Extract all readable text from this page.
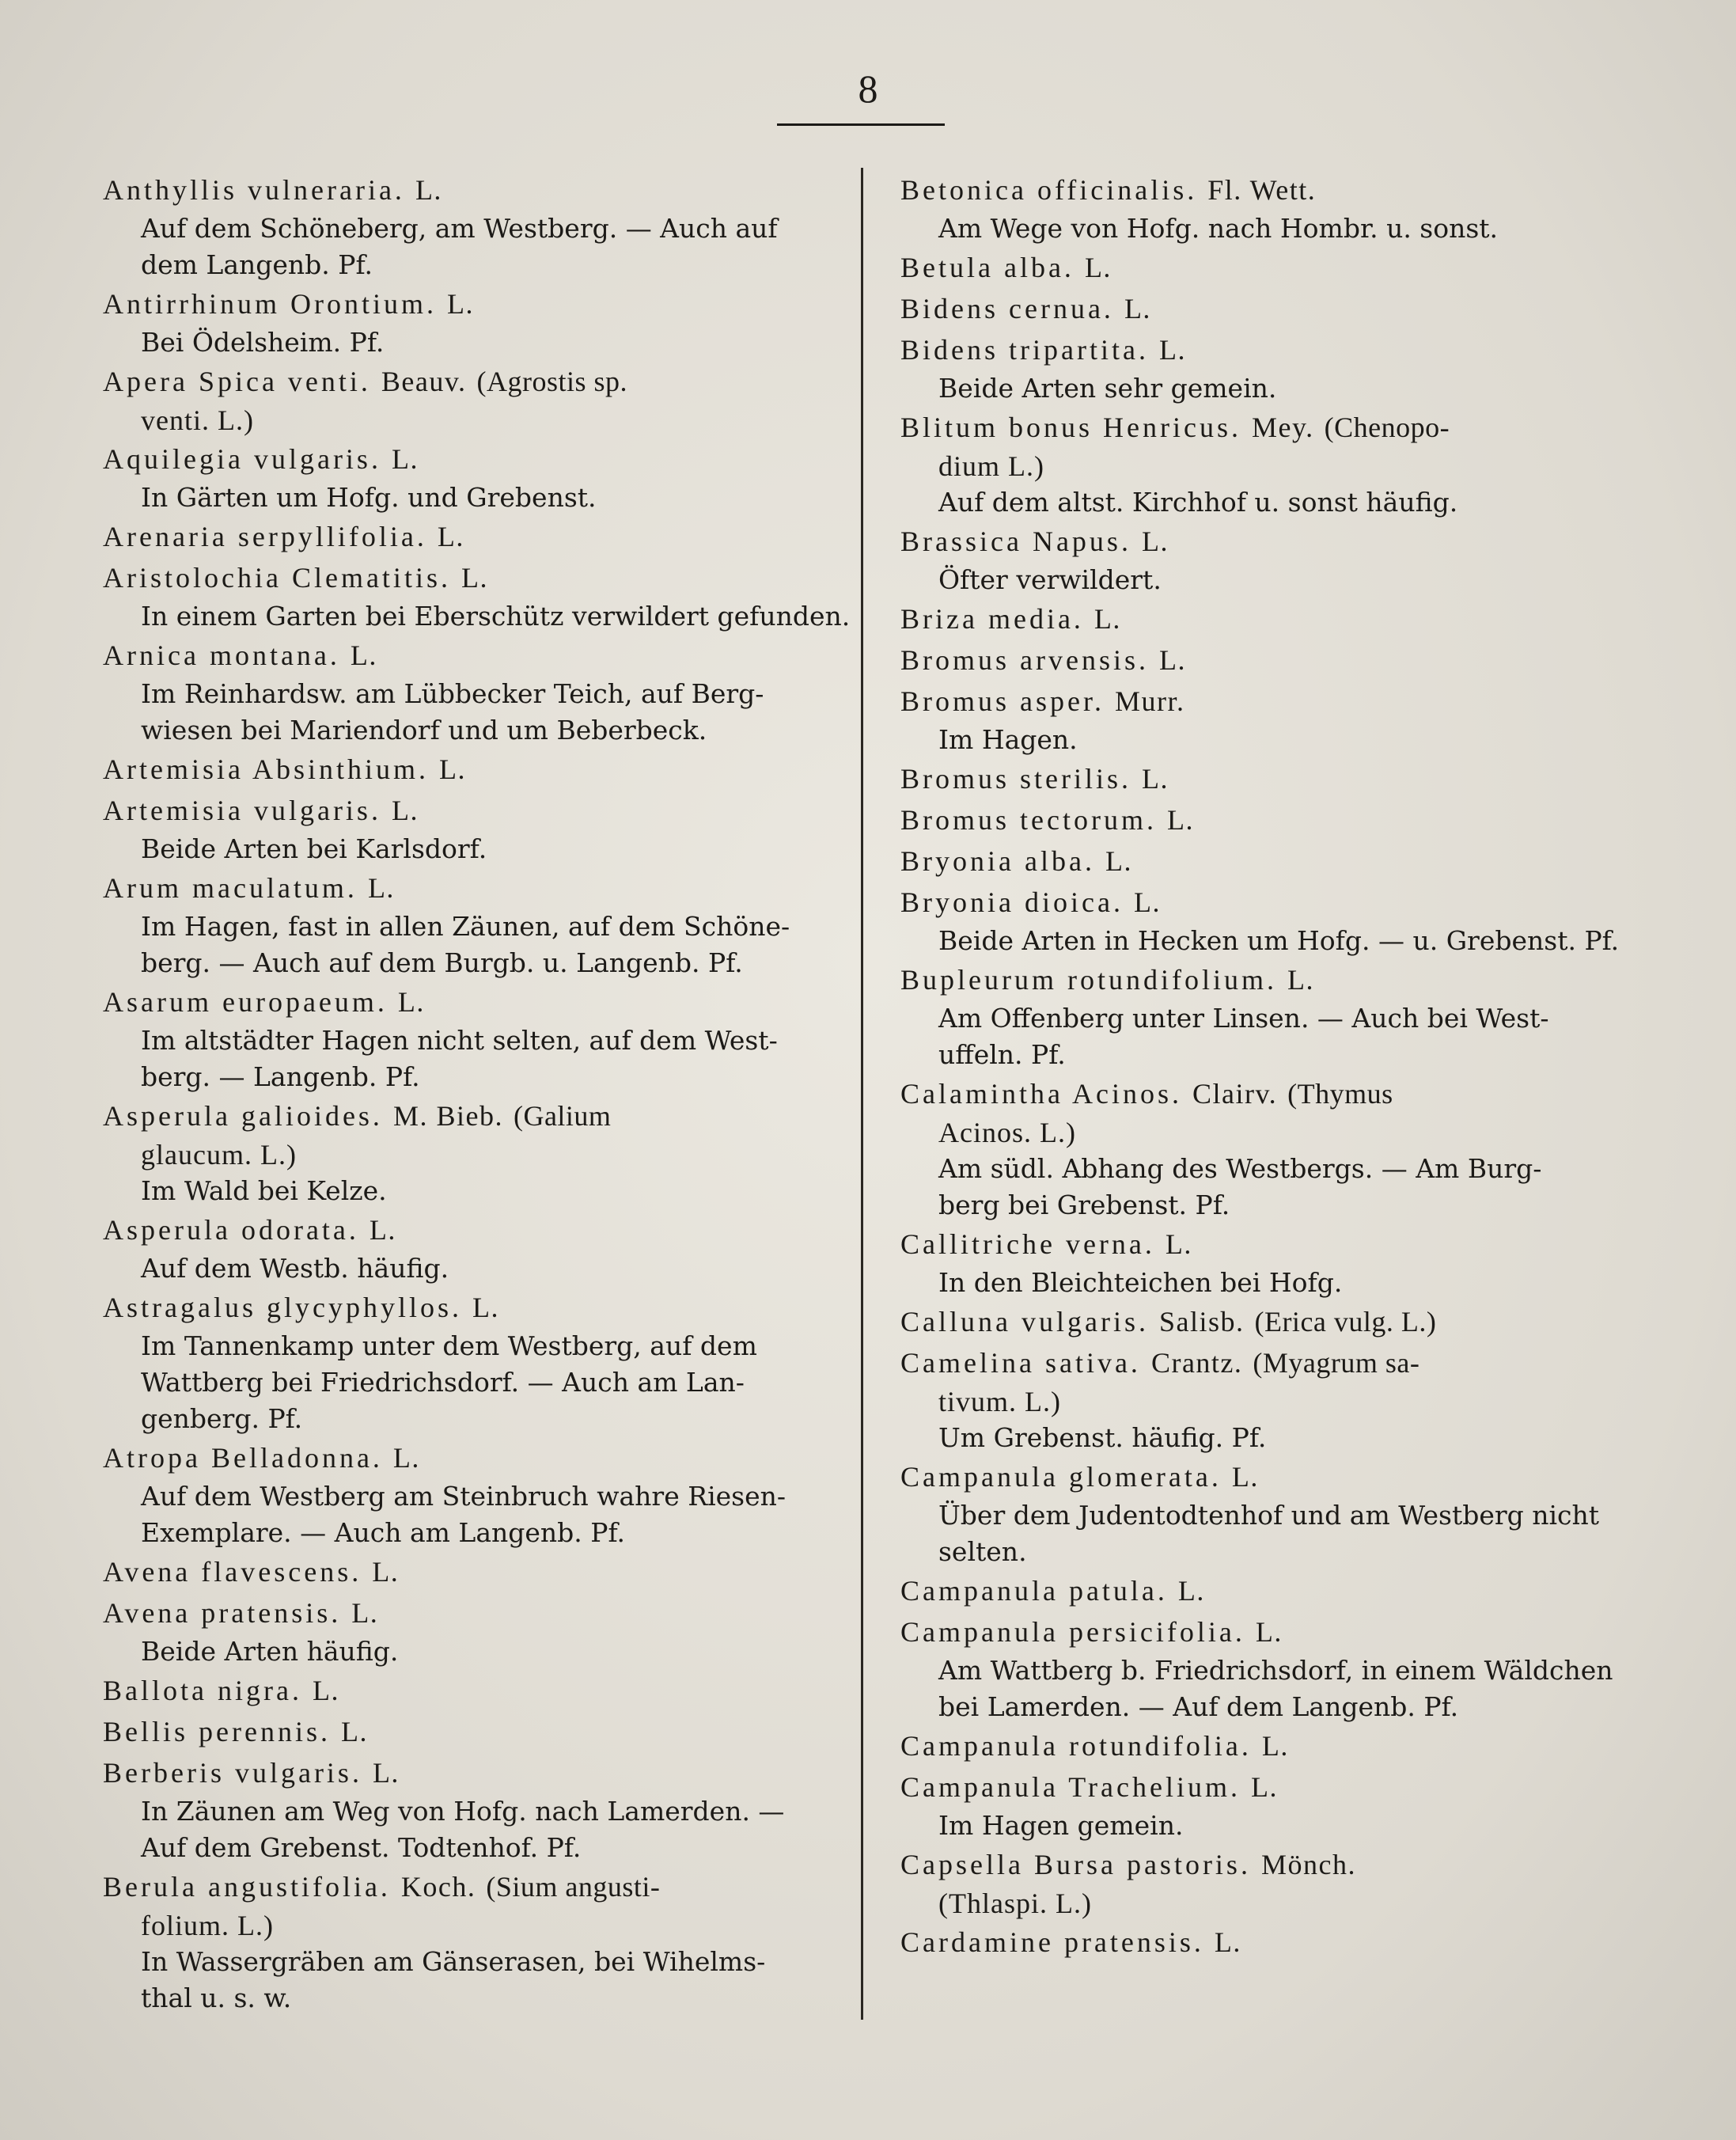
8
Anthyllis vulneraria. L.
Auf dem Schöneberg, am Westberg. — Auch auf
dem Langenb. Pf.
Antirrhinum Orontium. L.
Bei Ödelsheim. Pf.
Apera Spica venti. Beauv. (Agrostis sp.
venti. L.)
Aquilegia vulgaris. L.
In Gärten um Hofg. und Grebenst.
Arenaria serpyllifolia. L.
Aristolochia Clematitis. L.
In einem Garten bei Eberschütz verwildert gefunden.
Arnica montana. L.
Im Reinhardsw. am Lübbecker Teich, auf Berg-
wiesen bei Mariendorf und um Beberbeck.
Artemisia Absinthium. L.
Artemisia vulgaris. L.
Beide Arten bei Karlsdorf.
Arum maculatum. L.
Im Hagen, fast in allen Zäunen, auf dem Schöne-
berg. — Auch auf dem Burgb. u. Langenb. Pf.
Asarum europaeum. L.
Im altstädter Hagen nicht selten, auf dem West-
berg. — Langenb. Pf.
Asperula galioides. M. Bieb. (Galium
glaucum. L.)
Im Wald bei Kelze.
Asperula odorata. L.
Auf dem Westb. häufig.
Astragalus glycyphyllos. L.
Im Tannenkamp unter dem Westberg, auf dem
Wattberg bei Friedrichsdorf. — Auch am Lan-
genberg. Pf.
Atropa Belladonna. L.
Auf dem Westberg am Steinbruch wahre Riesen-
Exemplare. — Auch am Langenb. Pf.
Avena flavescens. L.
Avena pratensis. L.
Beide Arten häufig.
Ballota nigra. L.
Bellis perennis. L.
Berberis vulgaris. L.
In Zäunen am Weg von Hofg. nach Lamerden. —
Auf dem Grebenst. Todtenhof. Pf.
Berula angustifolia. Koch. (Sium angusti-
folium. L.)
In Wassergräben am Gänserasen, bei Wihelms-
thal u. s. w.
Betonica officinalis. Fl. Wett.
Am Wege von Hofg. nach Hombr. u. sonst.
Betula alba. L.
Bidens cernua. L.
Bidens tripartita. L.
Beide Arten sehr gemein.
Blitum bonus Henricus. Mey. (Chenopo-
dium L.)
Auf dem altst. Kirchhof u. sonst häufig.
Brassica Napus. L.
Öfter verwildert.
Briza media. L.
Bromus arvensis. L.
Bromus asper. Murr.
Im Hagen.
Bromus sterilis. L.
Bromus tectorum. L.
Bryonia alba. L.
Bryonia dioica. L.
Beide Arten in Hecken um Hofg. — u. Grebenst. Pf.
Bupleurum rotundifolium. L.
Am Offenberg unter Linsen. — Auch bei West-
uffeln. Pf.
Calamintha Acinos. Clairv. (Thymus
Acinos. L.)
Am südl. Abhang des Westbergs. — Am Burg-
berg bei Grebenst. Pf.
Callitriche verna. L.
In den Bleichteichen bei Hofg.
Calluna vulgaris. Salisb. (Erica vulg. L.)
Camelina sativa. Crantz. (Myagrum sa-
tivum. L.)
Um Grebenst. häufig. Pf.
Campanula glomerata. L.
Über dem Judentodtenhof und am Westberg nicht
selten.
Campanula patula. L.
Campanula persicifolia. L.
Am Wattberg b. Friedrichsdorf, in einem Wäldchen
bei Lamerden. — Auf dem Langenb. Pf.
Campanula rotundifolia. L.
Campanula Trachelium. L.
Im Hagen gemein.
Capsella Bursa pastoris. Mönch.
(Thlaspi. L.)
Cardamine pratensis. L.
